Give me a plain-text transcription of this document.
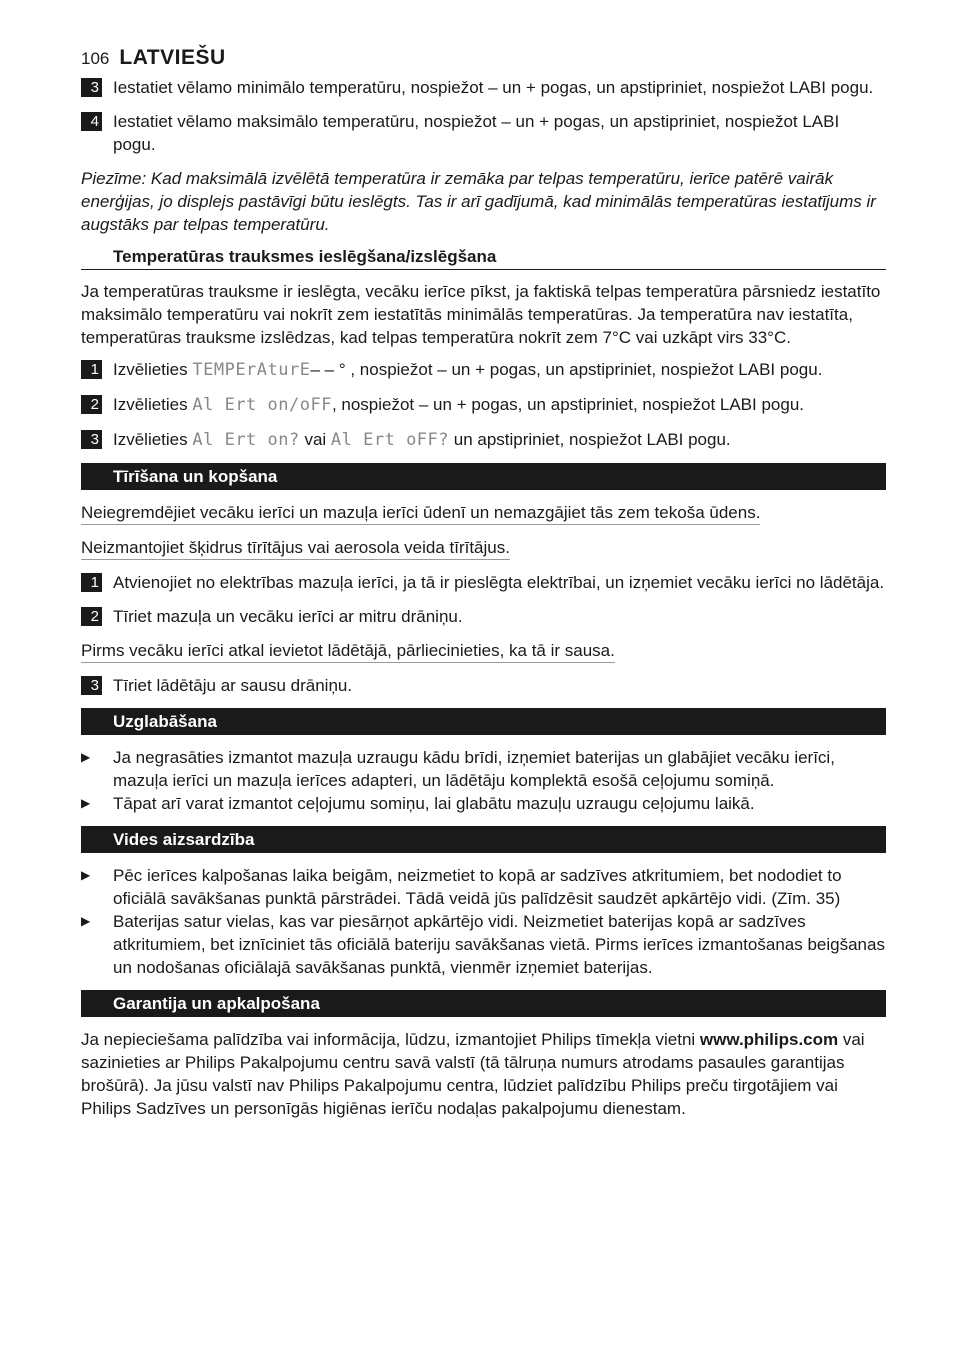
106 LATVIEŠU
3 Iestatiet vēlamo minimālo temperatūru, nospiežot – un + pogas, un apstipriniet, nospiežot LABI pogu.
4 Iestatiet vēlamo maksimālo temperatūru, nospiežot – un + pogas, un apstipriniet, nospiežot LABI pogu.

Piezīme: Kad maksimālā izvēlētā temperatūra ir zemāka par telpas temperatūru, ierīce patērē vairāk enerģijas, jo displejs pastāvīgi būtu ieslēgts. Tas ir arī gadījumā, kad minimālās temperatūras iestatījums ir augstāks par telpas temperatūru.

Temperatūras trauksmes ieslēgšana/izslēgšana

Ja temperatūras trauksme ir ieslēgta, vecāku ierīce pīkst, ja faktiskā telpas temperatūra pārsniedz iestatīto maksimālo temperatūru vai nokrīt zem iestatītās minimālās temperatūras. Ja temperatūra nav iestatīta, temperatūras trauksme izslēdzas, kad telpas temperatūra nokrīt zem 7°C vai uzkāpt virs 33°C.

1 Izvēlieties TEMPErAturE– – ° , nospiežot – un + pogas, un apstipriniet, nospiežot LABI pogu.
2 Izvēlieties Al Ert on/oFF, nospiežot – un + pogas, un apstipriniet, nospiežot LABI pogu.
3 Izvēlieties Al Ert on? vai Al Ert oFF? un apstipriniet, nospiežot LABI pogu.
Tīrīšana un kopšana
Neiegremdējiet vecāku ierīci un mazuļa ierīci ūdenī un nemazgājiet tās zem tekoša ūdens.
Neizmantojiet šķidrus tīrītājus vai aerosola veida tīrītājus.
1 Atvienojiet no elektrības mazuļa ierīci, ja tā ir pieslēgta elektrībai, un izņemiet vecāku ierīci no lādētāja.
2 Tīriet mazuļa un vecāku ierīci ar mitru drāniņu.
Pirms vecāku ierīci atkal ievietot lādētājā, pārliecinieties, ka tā ir sausa.
3 Tīriet lādētāju ar sausu drāniņu.
Uzglabāšana
▶	Ja negrasāties izmantot mazuļa uzraugu kādu brīdi, izņemiet baterijas un glabājiet vecāku ierīci, mazuļa ierīci un mazuļa ierīces adapteri, un lādētāju komplektā esošā ceļojumu somiņā.
▶	Tāpat arī varat izmantot ceļojumu somiņu, lai glabātu mazuļu uzraugu ceļojumu laikā.
Vides aizsardzība
▶	Pēc ierīces kalpošanas laika beigām, neizmetiet to kopā ar sadzīves atkritumiem, bet nododiet to oficiālā savākšanas punktā pārstrādei. Tādā veidā jūs palīdzēsit saudzēt apkārtējo vidi. (Zīm. 35)
▶	Baterijas satur vielas, kas var piesārņot apkārtējo vidi. Neizmetiet baterijas kopā ar sadzīves atkritumiem, bet iznīciniet tās oficiālā bateriju savākšanas vietā. Pirms ierīces izmantošanas beigšanas un nodošanas oficiālajā savākšanas punktā, vienmēr izņemiet baterijas.
Garantija un apkalpošana

Ja nepieciešama palīdzība vai informācija, lūdzu, izmantojiet Philips tīmekļa vietni www.philips.com vai sazinieties ar Philips Pakalpojumu centru savā valstī (tā tālruņa numurs atrodams pasaules garantijas brošūrā). Ja jūsu valstī nav Philips Pakalpojumu centra, lūdziet palīdzību Philips preču tirgotājiem vai Philips Sadzīves un personīgās higiēnas ierīču nodaļas pakalpojumu dienestam.
